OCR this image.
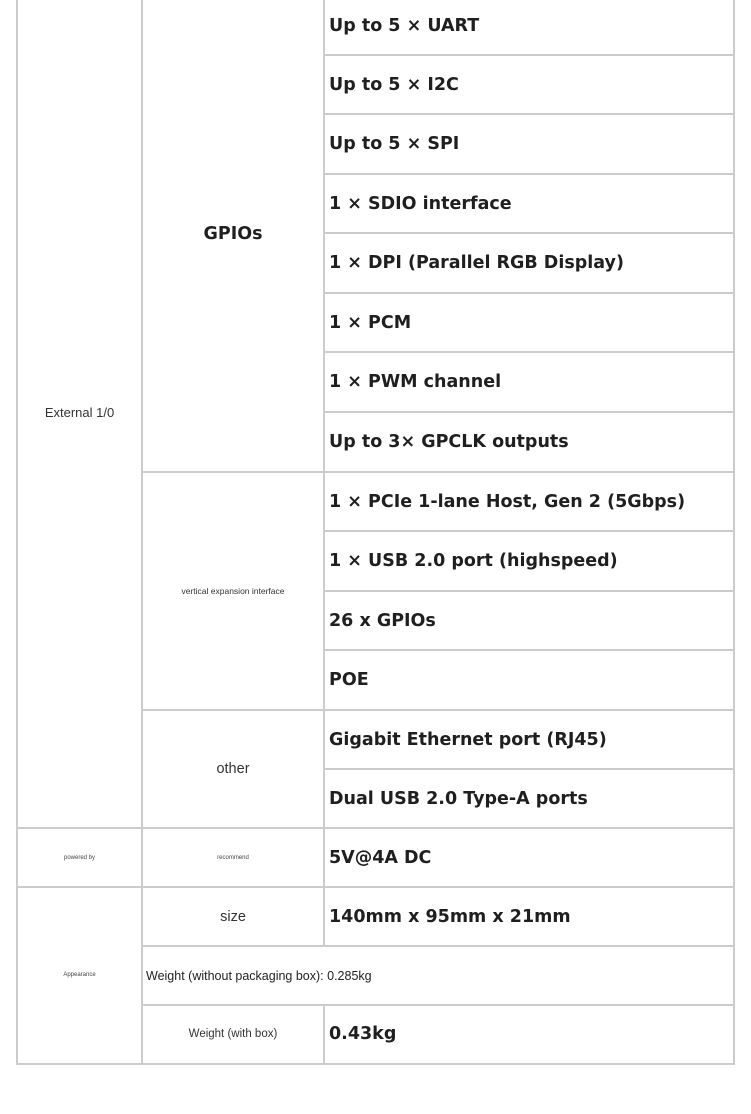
External 1/0
powered by
Appearance
GPIOs
vertical expansion interface
other
recommend
size
Weight (with box)
Up to 5 × UART
Up to 5 × I2C
Up to 5 × SPI
1 × SDIO interface
1 × DPI (Parallel RGB Display)
1 × PCM
1 × PWM channel
Up to 3× GPCLK outputs
1 × PCIe 1-lane Host, Gen 2 (5Gbps)
1 × USB 2.0 port (highspeed)
26 x GPIOs
POE
Gigabit Ethernet port (RJ45)
Dual USB 2.0 Type-A ports
5V@4A DC
140mm x 95mm x 21mm
Weight (without packaging box): 0.285kg
0.43kg
